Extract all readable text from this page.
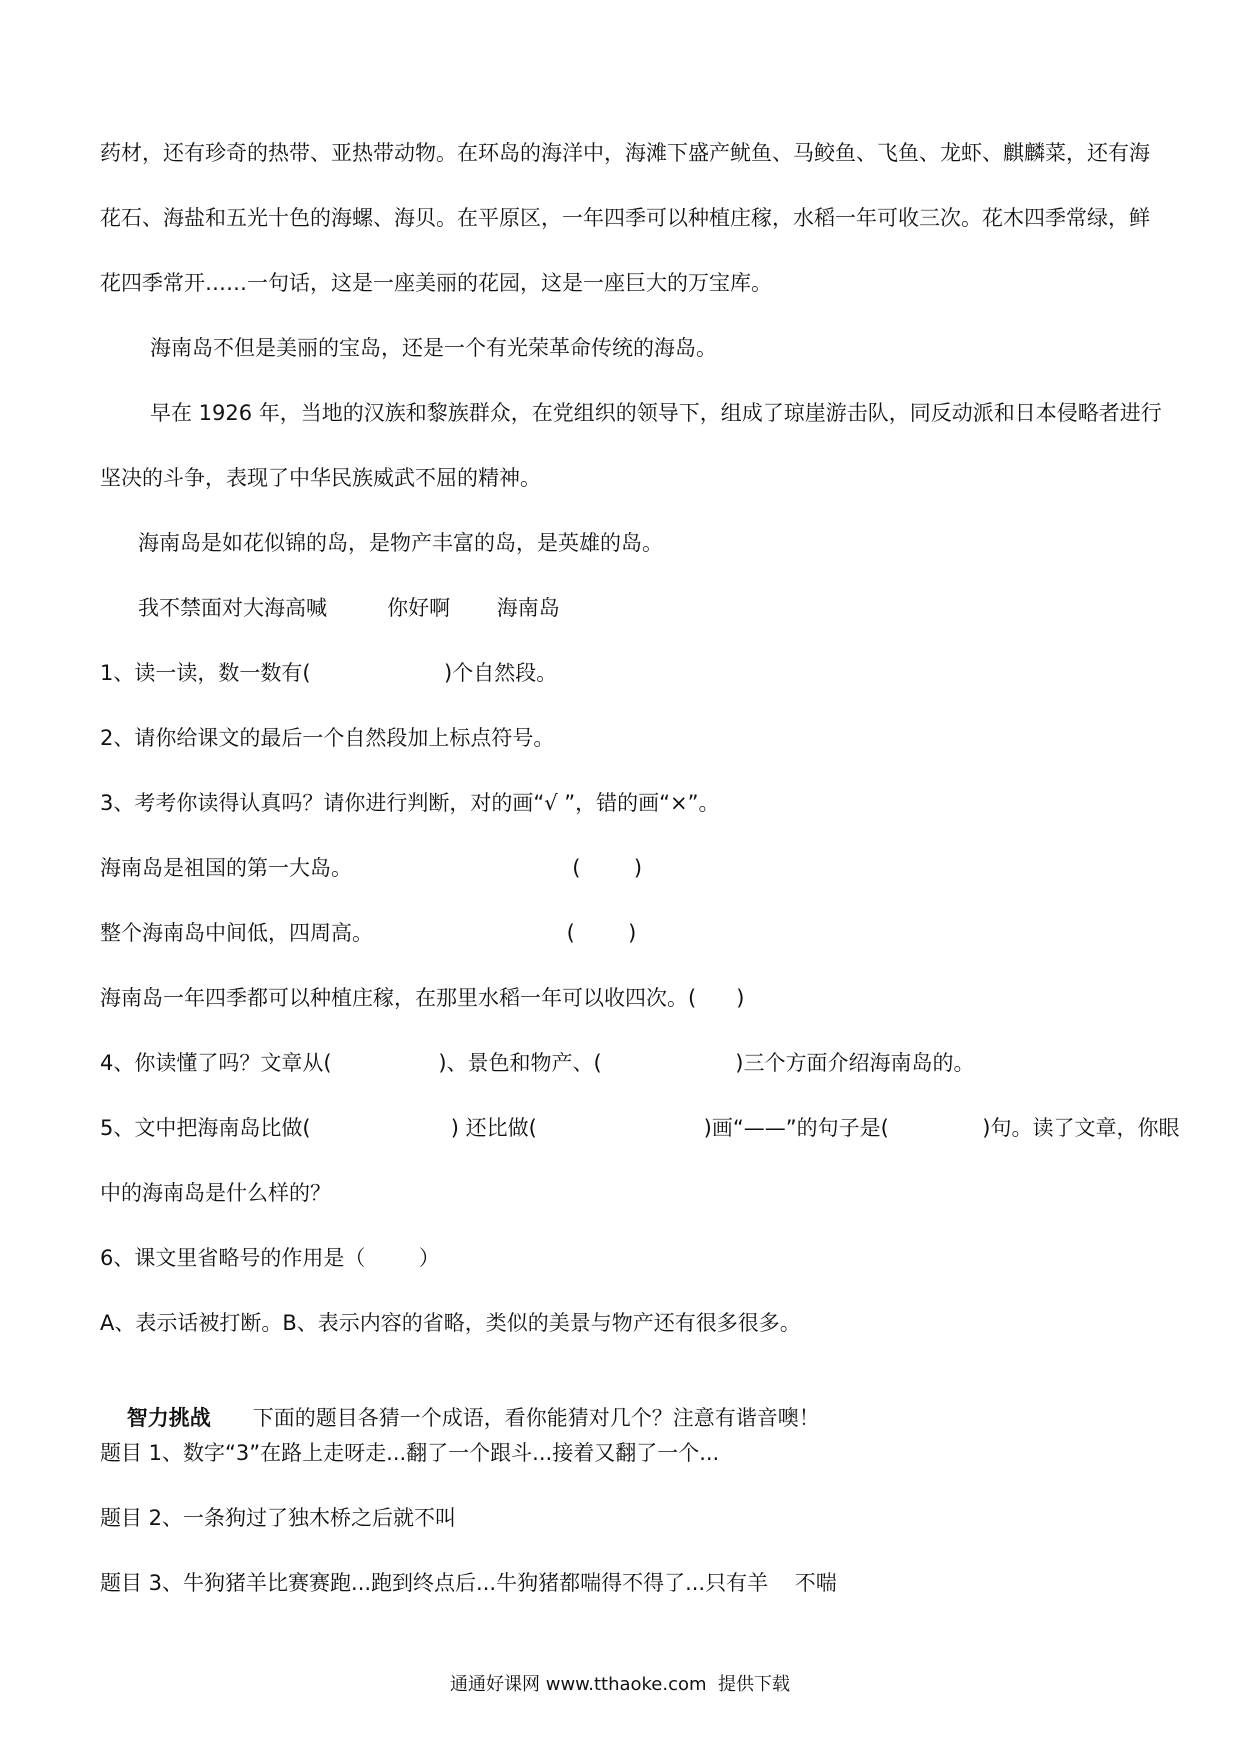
药材，还有珍奇的热带、亚热带动物。在环岛的海洋中，海滩下盛产鱿鱼、马鲛鱼、飞鱼、龙虾、麒麟菜，还有海
花石、海盐和五光十色的海螺、海贝。在平原区，一年四季可以种植庄稼，水稻一年可收三次。花木四季常绿，鲜
花四季常开……一句话，这是一座美丽的花园，这是一座巨大的万宝库。
海南岛不但是美丽的宝岛，还是一个有光荣革命传统的海岛。
早在 1926 年，当地的汉族和黎族群众，在党组织的领导下，组成了琼崖游击队，同反动派和日本侵略者进行
坚决的斗争，表现了中华民族威武不屈的精神。
海南岛是如花似锦的岛，是物产丰富的岛，是英雄的岛。
我不禁面对大海高喊         你好啊       海南岛
1、读一读，数一数有(                    )个自然段。
2、请你给课文的最后一个自然段加上标点符号。
3、考考你读得认真吗？请你进行判断，对的画“√ ”，错的画“×”。
海南岛是祖国的第一大岛。                                 (        )
整个海南岛中间低，四周高。                             (        )
海南岛一年四季都可以种植庄稼，在那里水稻一年可以收四次。(      )
4、你读懂了吗？文章从(                )、景色和物产、(                    )三个方面介绍海南岛的。
5、文中把海南岛比做(                     ) 还比做(                         )画“——”的句子是(              )句。读了文章，你眼
中的海南岛是什么样的？
6、课文里省略号的作用是（        ）
A、表示话被打断。B、表示内容的省略，类似的美景与物产还有很多很多。

智力挑战 下面的题目各猜一个成语，看你能猜对几个？注意有谐音噢！

题目 1、数字“3”在路上走呀走...翻了一个跟斗...接着又翻了一个...
题目 2、一条狗过了独木桥之后就不叫
题目 3、牛狗猪羊比赛赛跑...跑到终点后...牛狗猪都喘得不得了...只有羊    不喘
通通好课网 www.tthaoke.com  提供下载
